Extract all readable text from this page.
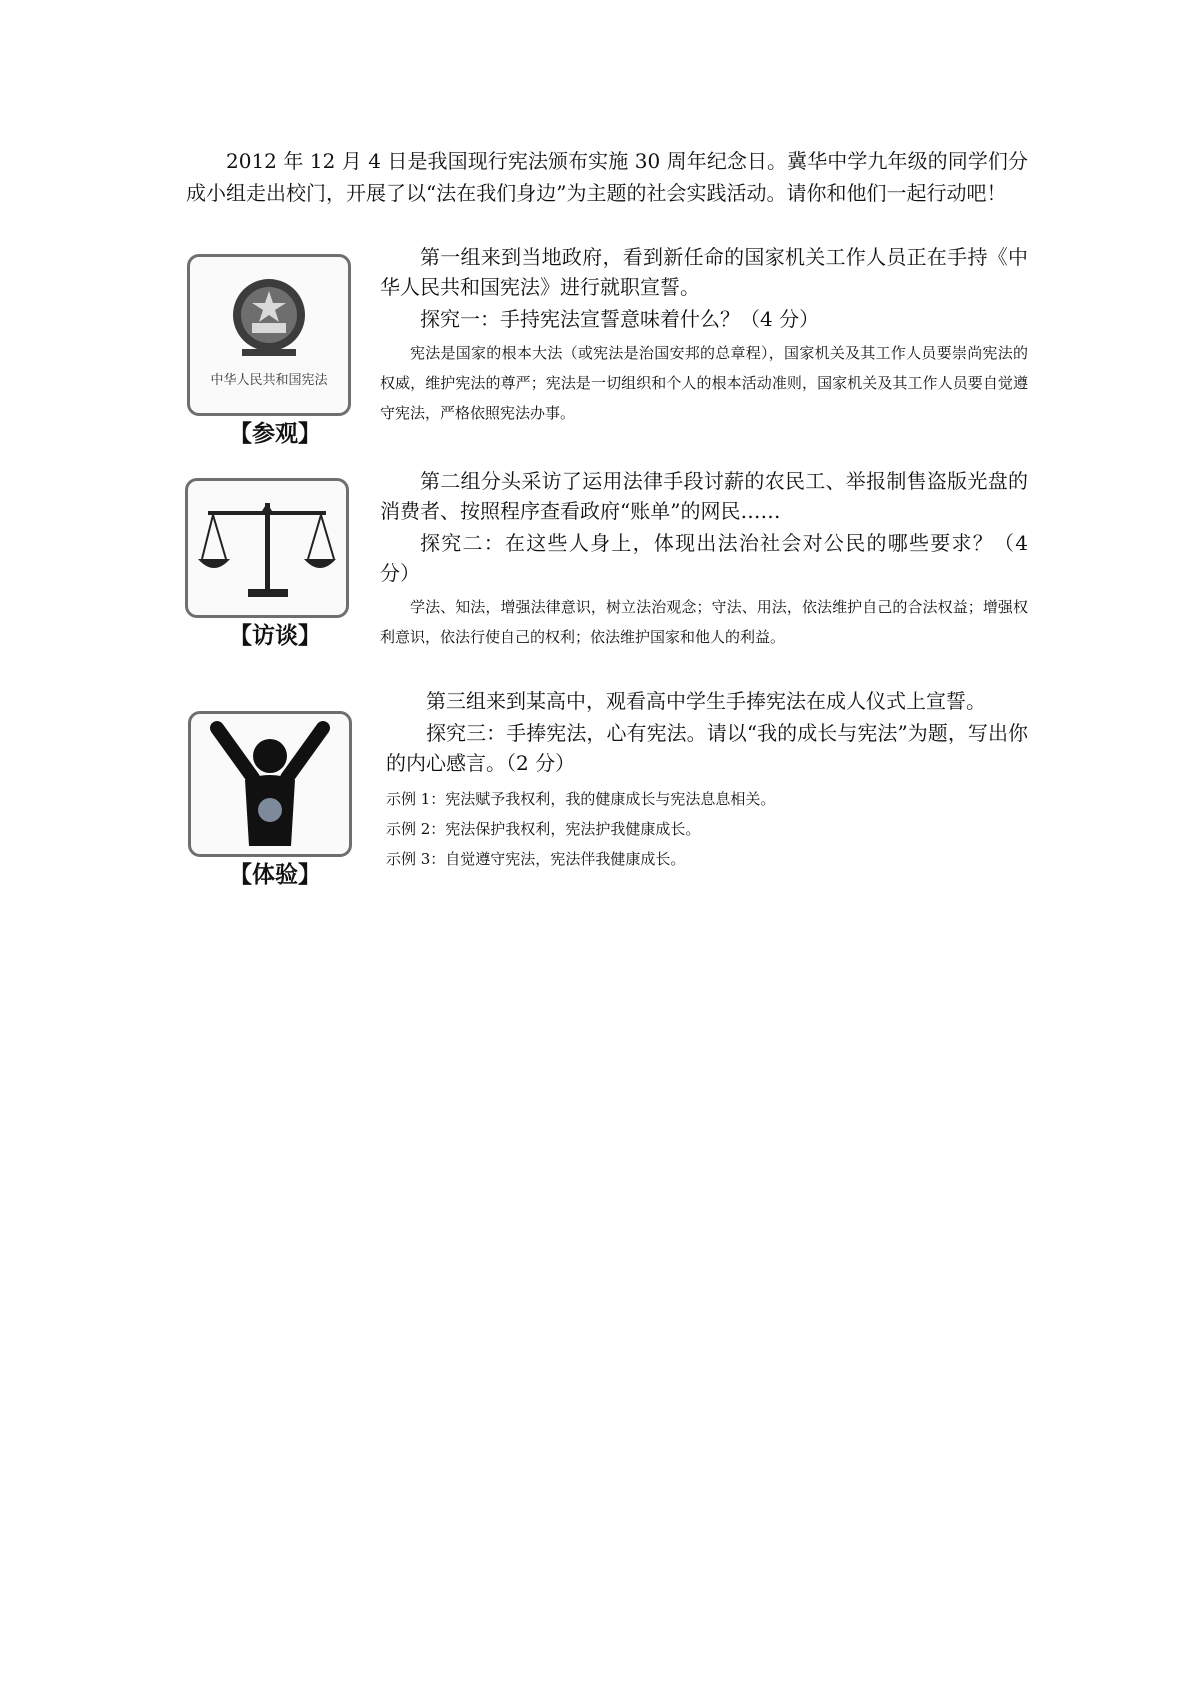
2012 年 12 月 4 日是我国现行宪法颁布实施 30 周年纪念日。冀华中学九年级的同学们分成小组走出校门，开展了以“法在我们身边”为主题的社会实践活动。请你和他们一起行动吧！

中华人民共和国宪法
【参观】

第一组来到当地政府，看到新任命的国家机关工作人员正在手持《中华人民共和国宪法》进行就职宣誓。

探究一：手持宪法宣誓意味着什么？（4 分）

宪法是国家的根本大法（或宪法是治国安邦的总章程），国家机关及其工作人员要崇尚宪法的权威，维护宪法的尊严；宪法是一切组织和个人的根本活动准则，国家机关及其工作人员要自觉遵守宪法，严格依照宪法办事。

【访谈】

第二组分头采访了运用法律手段讨薪的农民工、举报制售盗版光盘的消费者、按照程序查看政府“账单”的网民……

探究二：在这些人身上，体现出法治社会对公民的哪些要求？（4 分）

学法、知法，增强法律意识，树立法治观念；守法、用法，依法维护自己的合法权益；增强权利意识，依法行使自己的权利；依法维护国家和他人的利益。

【体验】

第三组来到某高中，观看高中学生手捧宪法在成人仪式上宣誓。

探究三：手捧宪法，心有宪法。请以“我的成长与宪法”为题，写出你的内心感言。（2 分）

示例 1：宪法赋予我权利，我的健康成长与宪法息息相关。

示例 2：宪法保护我权利，宪法护我健康成长。

示例 3：自觉遵守宪法，宪法伴我健康成长。
